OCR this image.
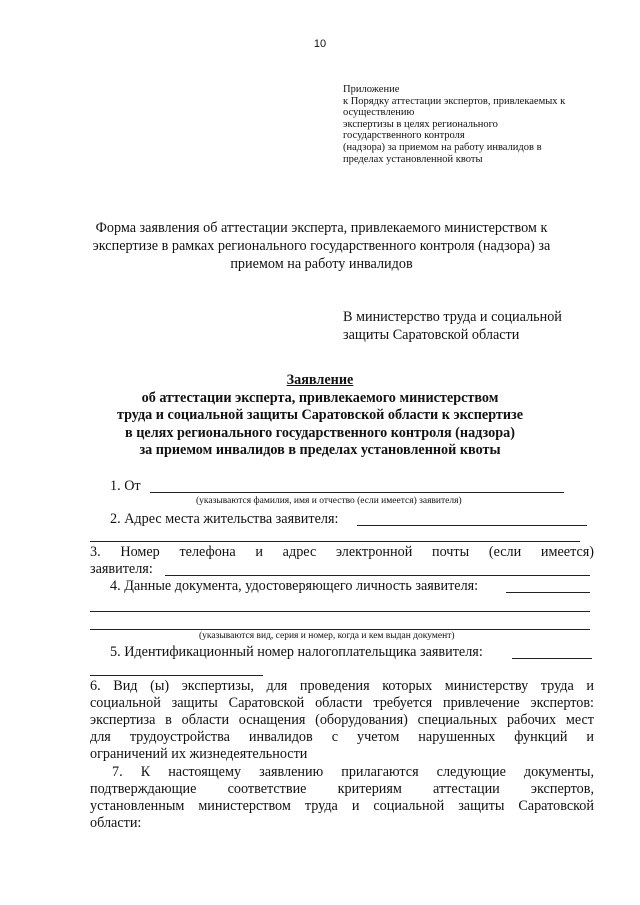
10
Приложение
к Порядку аттестации экспертов, привлекаемых к
осуществлению
экспертизы в целях регионального
государственного контроля
(надзора) за приемом на работу инвалидов в
пределах установленной квоты
Форма заявления об аттестации эксперта, привлекаемого министерством к
экспертизе в рамках регионального государственного контроля (надзора) за
приемом на работу инвалидов
В министерство труда и социальной
защиты Саратовской области
Заявление
об аттестации эксперта, привлекаемого министерством
труда и социальной защиты Саратовской области к экспертизе
в целях регионального государственного контроля (надзора)
за приемом инвалидов в пределах установленной квоты
1. От
(указываются фамилия, имя и отчество (если имеется) заявителя)
2. Адрес места жительства заявителя:
3. Номер телефона и адрес электронной почты (если имеется)
заявителя:
4. Данные документа, удостоверяющего личность заявителя:
(указываются вид, серия и номер, когда и кем выдан документ)
5. Идентификационный номер налогоплательщика заявителя:
6. Вид (ы) экспертизы, для проведения которых министерству труда и
социальной защиты Саратовской области требуется привлечение экспертов:
экспертиза в области оснащения (оборудования) специальных рабочих мест
для трудоустройства инвалидов с учетом нарушенных функций и
ограничений их жизнедеятельности
7. К настоящему заявлению прилагаются следующие документы,
подтверждающие соответствие критериям аттестации экспертов,
установленным министерством труда и социальной защиты Саратовской
области:
